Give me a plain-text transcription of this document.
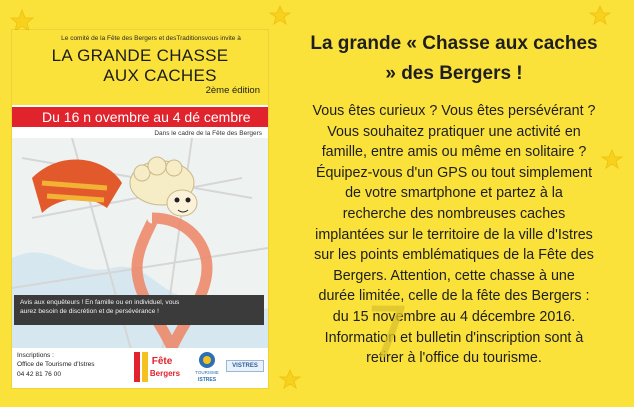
Le comité de la Fête des Bergers et desTraditionsvous invite à
LA GRANDE CHASSE
AUX CACHES
2ème édition
Du 16 n ovembre au 4 dé cembre
Dans le cadre de la Fête des Bergers
Avis aux enquêteurs ! En famille ou en individuel, vous
aurez besoin de discrétion et de persévérance !
Inscriptions :
Office de Tourisme d'Istres
04 42 81 76 00
Fête
Bergers	TOURISME
ISTRES
VISTRES
La grande « Chasse aux caches
» des Bergers !
Vous êtes curieux ? Vous êtes persévérant ?
Vous souhaitez pratiquer une activité en
famille, entre amis ou même en solitaire ?
Équipez-vous d'un GPS ou tout simplement
de votre smartphone et partez à la
recherche des nombreuses caches
implantées sur le territoire de la ville d'Istres
sur les points emblématiques de la Fête des
Bergers. Attention, cette chasse à une
durée limitée, celle de la fête des Bergers :
du 15 novembre au 4 décembre 2016.
Information et bulletin d'inscription sont à
retirer à l'office du tourisme.
7
